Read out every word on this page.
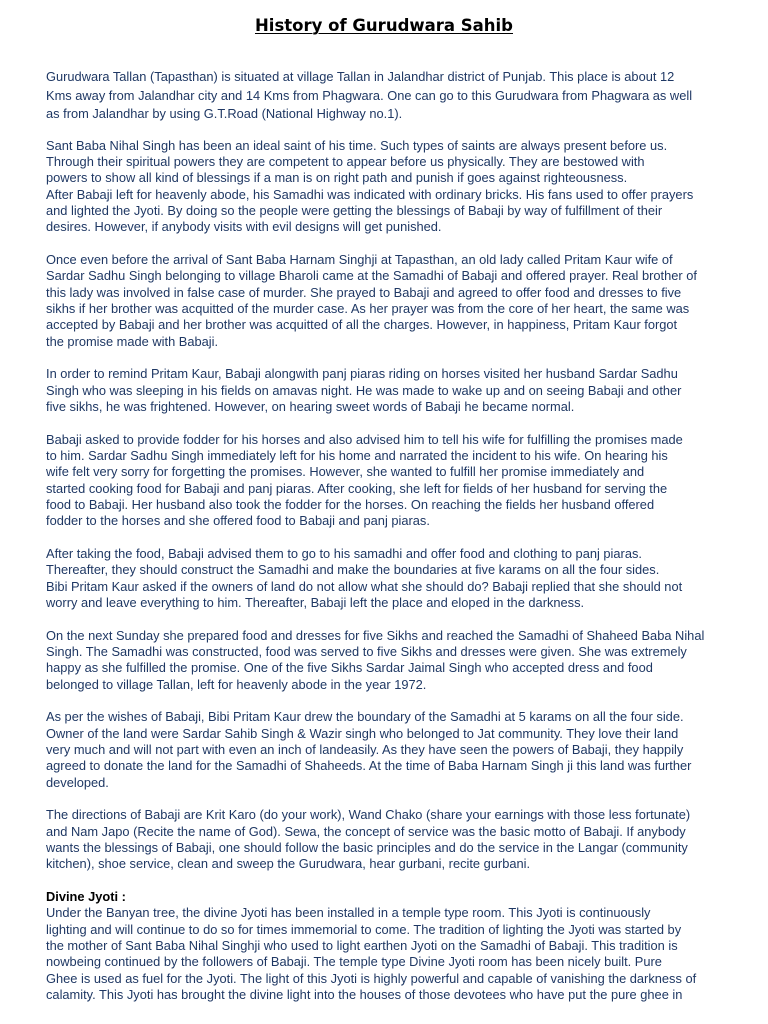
History of Gurudwara Sahib
Gurudwara Tallan (Tapasthan) is situated at village Tallan in Jalandhar district of Punjab. This place is about 12
Kms away from Jalandhar city and 14 Kms from Phagwara. One can go to this Gurudwara from Phagwara as well
as from Jalandhar by using G.T.Road (National Highway no.1).
Sant Baba Nihal Singh has been an ideal saint of his time. Such types of saints are always present before us.
Through their spiritual powers they are competent to appear before us physically. They are bestowed with
powers to show all kind of blessings if a man is on right path and punish if goes against righteousness.
After Babaji left for heavenly abode, his Samadhi was indicated with ordinary bricks. His fans used to offer prayers
and lighted the Jyoti. By doing so the people were getting the blessings of Babaji by way of fulfillment of their
desires. However, if anybody visits with evil designs will get punished.
Once even before the arrival of Sant Baba Harnam Singhji at Tapasthan, an old lady called Pritam Kaur wife of
Sardar Sadhu Singh belonging to village Bharoli came at the Samadhi of Babaji and offered prayer. Real brother of
this lady was involved in false case of murder. She prayed to Babaji and agreed to offer food and dresses to five
sikhs if her brother was acquitted of the murder case. As her prayer was from the core of her heart, the same was
accepted by Babaji and her brother was acquitted of all the charges. However, in happiness, Pritam Kaur forgot
the promise made with Babaji.
In order to remind Pritam Kaur, Babaji alongwith panj piaras riding on horses visited her husband Sardar Sadhu
Singh who was sleeping in his fields on amavas night. He was made to wake up and on seeing Babaji and other
five sikhs, he was frightened. However, on hearing sweet words of Babaji he became normal.
Babaji asked to provide fodder for his horses and also advised him to tell his wife for fulfilling the promises made
to him. Sardar Sadhu Singh immediately left for his home and narrated the incident to his wife. On hearing his
wife felt very sorry for forgetting the promises. However, she wanted to fulfill her promise immediately and
started cooking food for Babaji and panj piaras. After cooking, she left for fields of her husband for serving the
food to Babaji. Her husband also took the fodder for the horses. On reaching the fields her husband offered
fodder to the horses and she offered food to Babaji and panj piaras.
After taking the food, Babaji advised them to go to his samadhi and offer food and clothing to panj piaras.
Thereafter, they should construct the Samadhi and make the boundaries at five karams on all the four sides.
Bibi Pritam Kaur asked if the owners of land do not allow what she should do? Babaji replied that she should not
worry and leave everything to him. Thereafter, Babaji left the place and eloped in the darkness.
On the next Sunday she prepared food and dresses for five Sikhs and reached the Samadhi of Shaheed Baba Nihal
Singh. The Samadhi was constructed, food was served to five Sikhs and dresses were given. She was extremely
happy as she fulfilled the promise. One of the five Sikhs Sardar Jaimal Singh who accepted dress and food
belonged to village Tallan, left for heavenly abode in the year 1972.
As per the wishes of Babaji, Bibi Pritam Kaur drew the boundary of the Samadhi at 5 karams on all the four side.
Owner of the land were Sardar Sahib Singh & Wazir singh who belonged to Jat community. They love their land
very much and will not part with even an inch of landeasily. As they have seen the powers of Babaji, they happily
agreed to donate the land for the Samadhi of Shaheeds. At the time of Baba Harnam Singh ji this land was further
developed.
The directions of Babaji are Krit Karo (do your work), Wand Chako (share your earnings with those less fortunate)
and Nam Japo (Recite the name of God). Sewa, the concept of service was the basic motto of Babaji. If anybody
wants the blessings of Babaji, one should follow the basic principles and do the service in the Langar (community
kitchen), shoe service, clean and sweep the Gurudwara, hear gurbani, recite gurbani.
Divine Jyoti :
Under the Banyan tree, the divine Jyoti has been installed in a temple type room. This Jyoti is continuously
lighting and will continue to do so for times immemorial to come. The tradition of lighting the Jyoti was started by
the mother of Sant Baba Nihal Singhji who used to light earthen Jyoti on the Samadhi of Babaji. This tradition is
nowbeing continued by the followers of Babaji. The temple type Divine Jyoti room has been nicely built. Pure
Ghee is used as fuel for the Jyoti. The light of this Jyoti is highly powerful and capable of vanishing the darkness of
calamity. This Jyoti has brought the divine light into the houses of those devotees who have put the pure ghee in
